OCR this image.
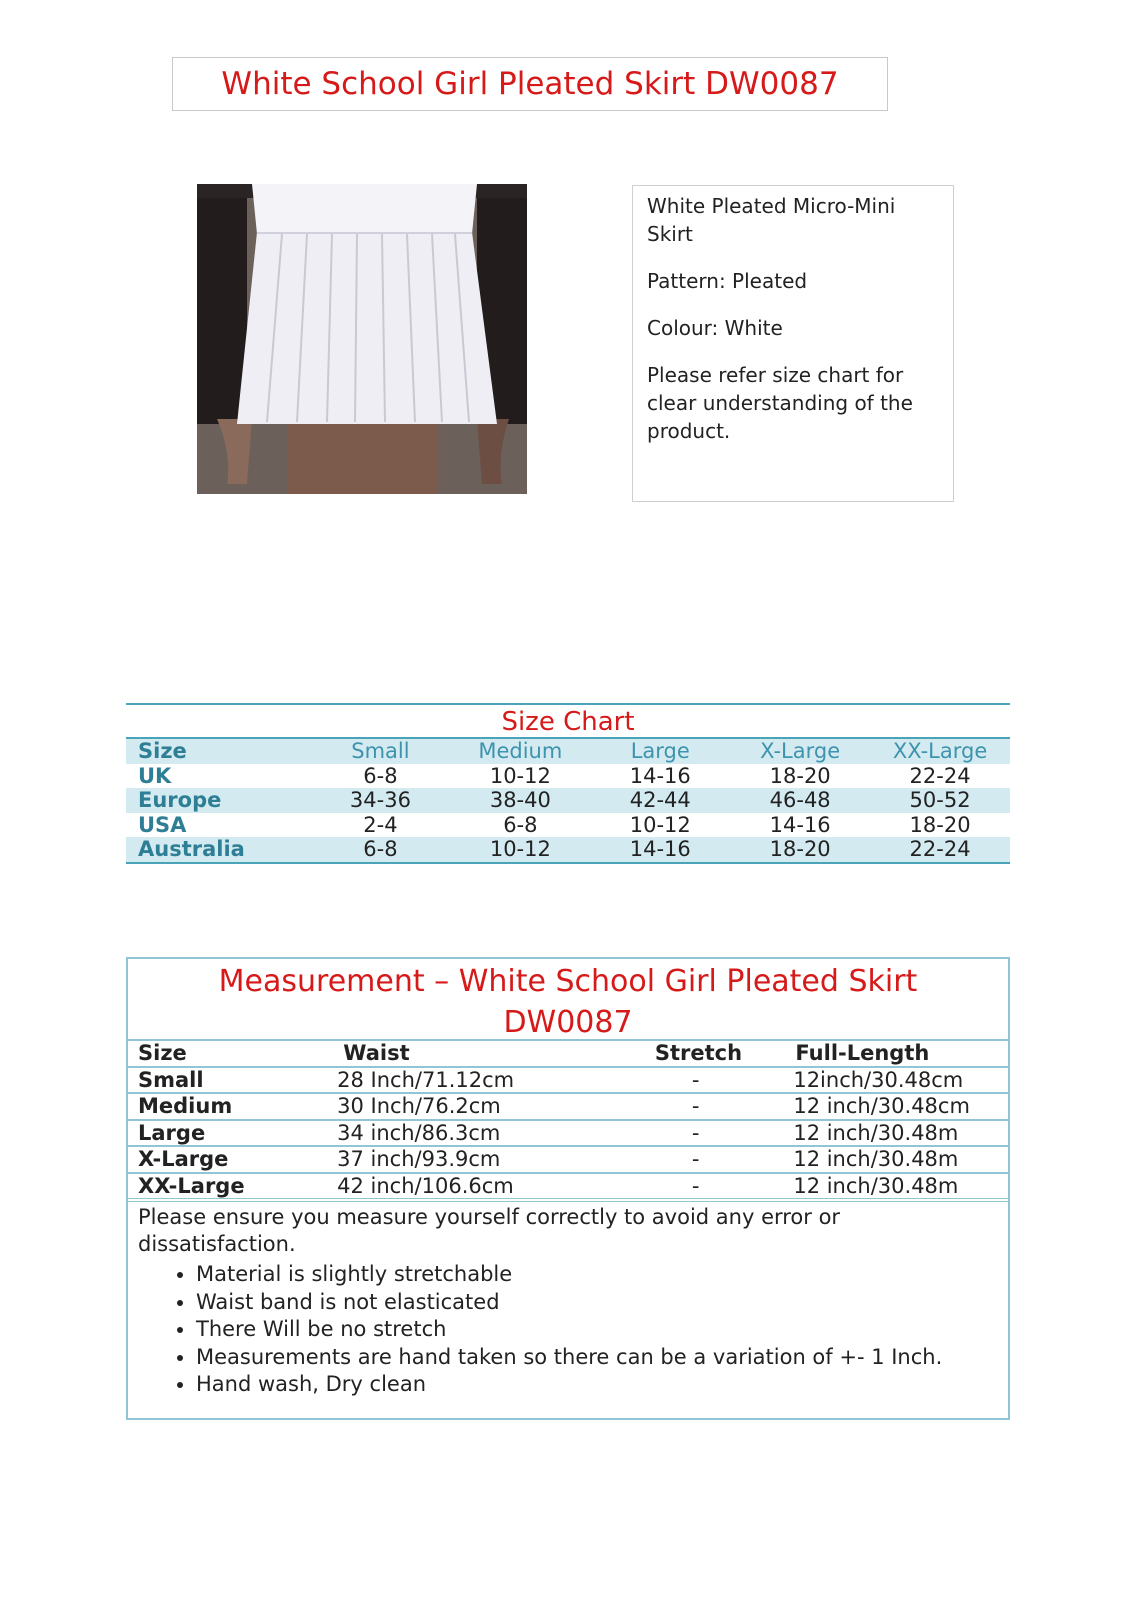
White School Girl Pleated Skirt DW0087

White Pleated Micro-Mini Skirt

Pattern: Pleated

Colour: White

Please refer size chart for clear understanding of the product.

Size Chart
Size	Small	Medium	Large	X-Large	XX-Large
UK	6-8	10-12	14-16	18-20	22-24
Europe	34-36	38-40	42-44	46-48	50-52
USA	2-4	6-8	10-12	14-16	18-20
Australia	6-8	10-12	14-16	18-20	22-24
Measurement – White School Girl Pleated Skirt
DW0087
Size	Waist	Stretch	Full-Length
Small	28 Inch/71.12cm	-	12inch/30.48cm
Medium	30 Inch/76.2cm	-	12 inch/30.48cm
Large	34 inch/86.3cm	-	12 inch/30.48m
X-Large	37 inch/93.9cm	-	12 inch/30.48m
XX-Large	42 inch/106.6cm	-	12 inch/30.48m

Please ensure you measure yourself correctly to avoid any error or dissatisfaction.

• Material is slightly stretchable
• Waist band is not elasticated
• There Will be no stretch
• Measurements are hand taken so there can be a variation of +- 1 Inch.
• Hand wash, Dry clean
